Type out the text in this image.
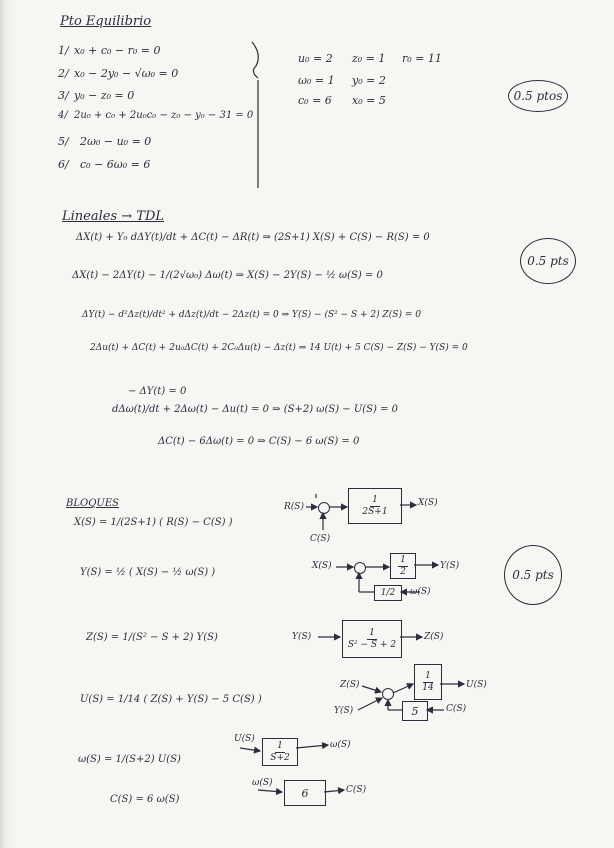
Pto Equilibrio
1/ x₀ + c₀ − r₀ = 0
2/ x₀ − 2y₀ − √ω₀ = 0
3/ y₀ − z₀ = 0
4/ 2u₀ + c₀ + 2u₀c₀ − z₀ − y₀ − 31 = 0
5/ 2ω₀ − u₀ = 0
6/ c₀ − 6ω₀ = 6
u₀ = 2 z₀ = 1 r₀ = 11
ω₀ = 1 y₀ = 2
c₀ = 6 x₀ = 5	0.5 ptos
Lineales → TDL
0.5 pts
ΔX(t) + Y₀ dΔY(t)/dt + ΔC(t) − ΔR(t) ⇒ (2S+1) X(S) + C(S) − R(S) = 0
ΔX(t) − 2ΔY(t) − 1/(2√ω₀) Δω(t) ⇒ X(S) − 2Y(S) − ½ ω(S) = 0
ΔY(t) − d²Δz(t)/dt² + dΔz(t)/dt − 2Δz(t) = 0 ⇒ Y(S) − (S² − S + 2) Z(S) = 0
2Δu(t) + ΔC(t) + 2u₀ΔC(t) + 2C₀Δu(t) − Δz(t) ⇒ 14 U(t) + 5 C(S) − Z(S) − Y(S) = 0
− ΔY(t) = 0
dΔω(t)/dt + 2Δω(t) − Δu(t) = 0 ⇒ (S+2) ω(S) − U(S) = 0
ΔC(t) − 6Δω(t) = 0 ⇒ C(S) − 6 ω(S) = 0
BLOQUES
X(S) = 1/(2S+1) ( R(S) − C(S) )
Y(S) = ½ ( X(S) − ½ ω(S) )
Z(S) = 1/(S² − S + 2) Y(S)
U(S) = 1/14 ( Z(S) + Y(S) − 5 C(S) )
ω(S) = 1/(S+2) U(S)
C(S) = 6 ω(S)
0.5 pts
R(S)	$\frac{1}{2S+1} X(S)$
C(S)
X(S)	$\frac{1}{2}$	Y(S)
1/2 ω(S)
Y(S)	$\frac{1}{\text{S² − S + 2}} Z(S)$
Z(S)
Y(S)
$\frac{1}{14}$	U(S)
5	C(S)
$U(S) \frac{1}{S+2}$	ω(S)
ω(S)
6	C(S)
